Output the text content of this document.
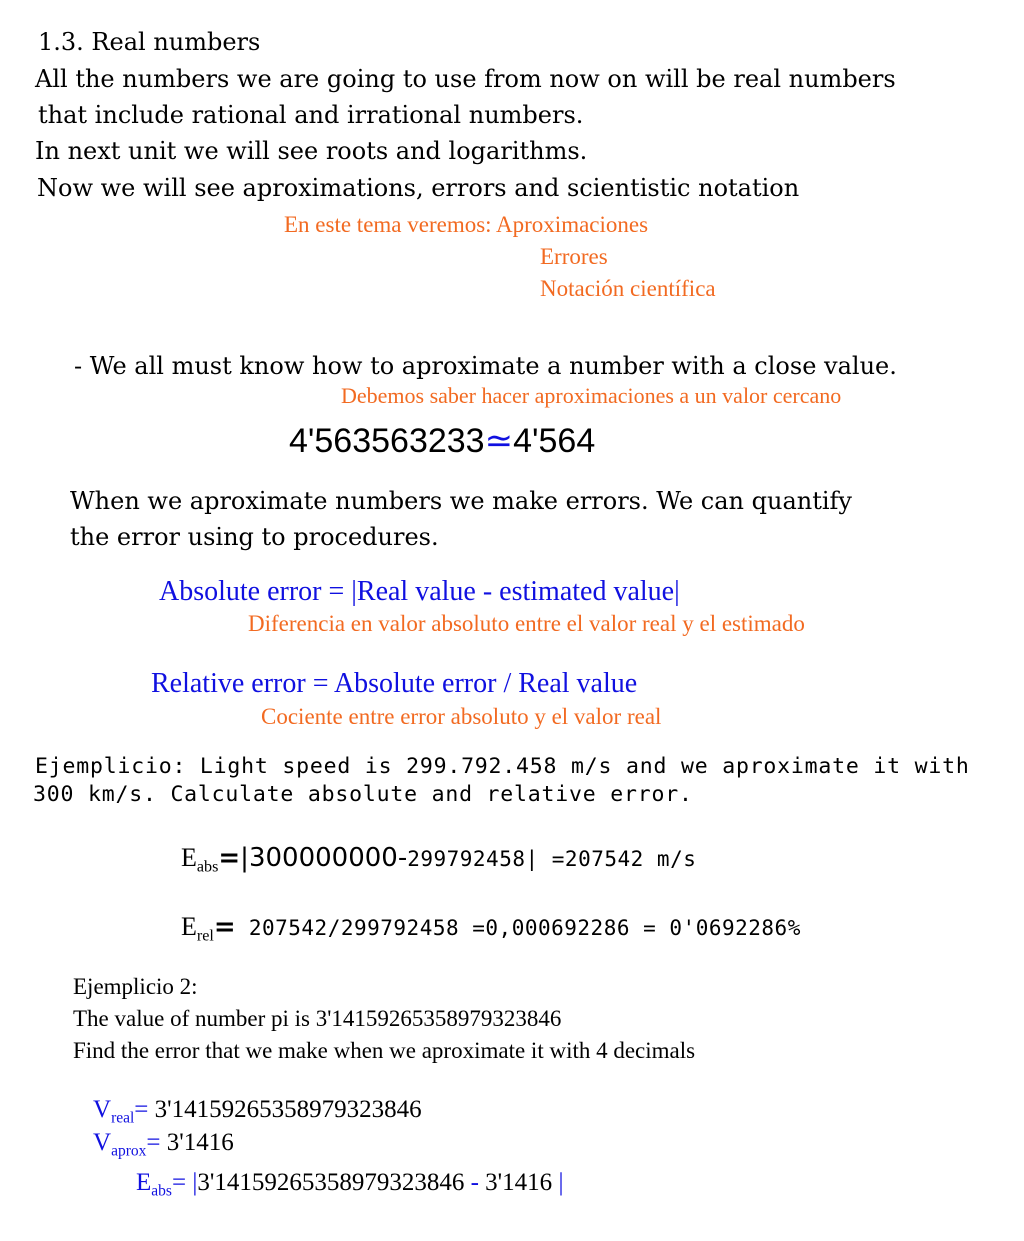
1.3. Real numbers
All the numbers we are going to use from now on will be real numbers
that include rational and irrational numbers.
In next unit we will see roots and logarithms.
Now we will see aproximations, errors and scientistic notation
En este tema veremos: Aproximaciones
Errores
Notación científica
- We all must know how to aproximate a number with a close value.
Debemos saber hacer aproximaciones a un valor cercano
4'563563233≃4'564
When we aproximate numbers we make errors. We can quantify
the error using to procedures.
Absolute error = |Real value - estimated value|
Diferencia en valor absoluto entre el valor real y el estimado
Relative error = Absolute error / Real value
Cociente entre error absoluto y el valor real
Ejemplicio: Light speed is 299.792.458 m/s and we aproximate it with
300 km/s. Calculate absolute and relative error.
$E_{abs}=|300000000-299792458| =207542$ m/s
$E_{rel}= 207542/299792458 =0,000692286 = 0'0692286\%$
Ejemplicio 2:
The value of number pi is 3'14159265358979323846
Find the error that we make when we aproximate it with 4 decimals
$V_{real}= 3'14159265358979323846$
$V_{aprox}= 3'1416$
$E_{abs}= |3'14159265358979323846 - 3'1416$ |
